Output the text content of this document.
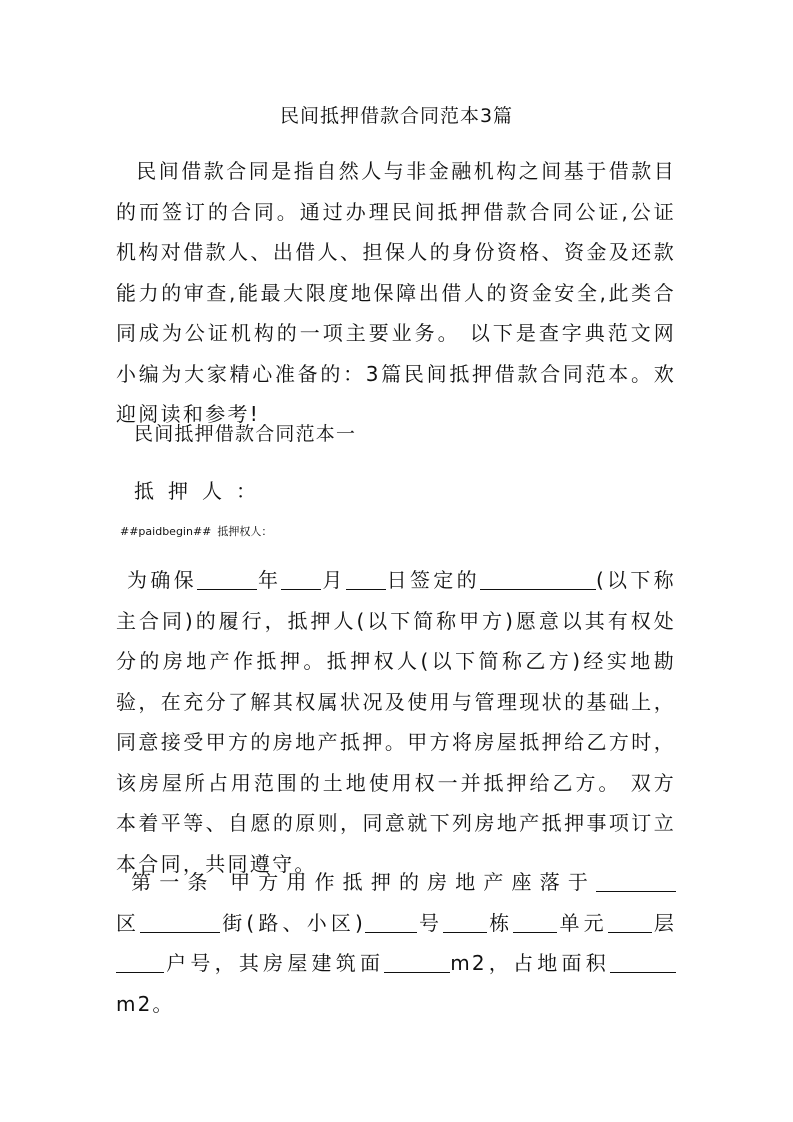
民间抵押借款合同范本3篇

民间借款合同是指自然人与非金融机构之间基于借款目的而签订的合同。通过办理民间抵押借款合同公证,公证机构对借款人、出借人、担保人的身份资格、资金及还款能力的审查,能最大限度地保障出借人的资金安全,此类合同成为公证机构的一项主要业务。 以下是查字典范文网小编为大家精心准备的：3篇民间抵押借款合同范本。欢迎阅读和参考!

民间抵押借款合同范本一

抵押人：

##paidbegin## 抵押权人：

为确保	年 月 日签定的	(以下称主合同)的履行，抵押人(以下简称甲方)愿意以其有权处分的房地产作抵押。抵押权人(以下简称乙方)经实地勘验，在充分了解其权属状况及使用与管理现状的基础上，同意接受甲方的房地产抵押。甲方将房屋抵押给乙方时，该房屋所占用范围的土地使用权一并抵押给乙方。 双方本着平等、自愿的原则，同意就下列房地产抵押事项订立本合同，共同遵守。

第一条 甲方用作抵押的房地产座落于区	街(路、小区)	号 栋 单元 层户号，其房屋建筑面	m2，占地面积m2。
